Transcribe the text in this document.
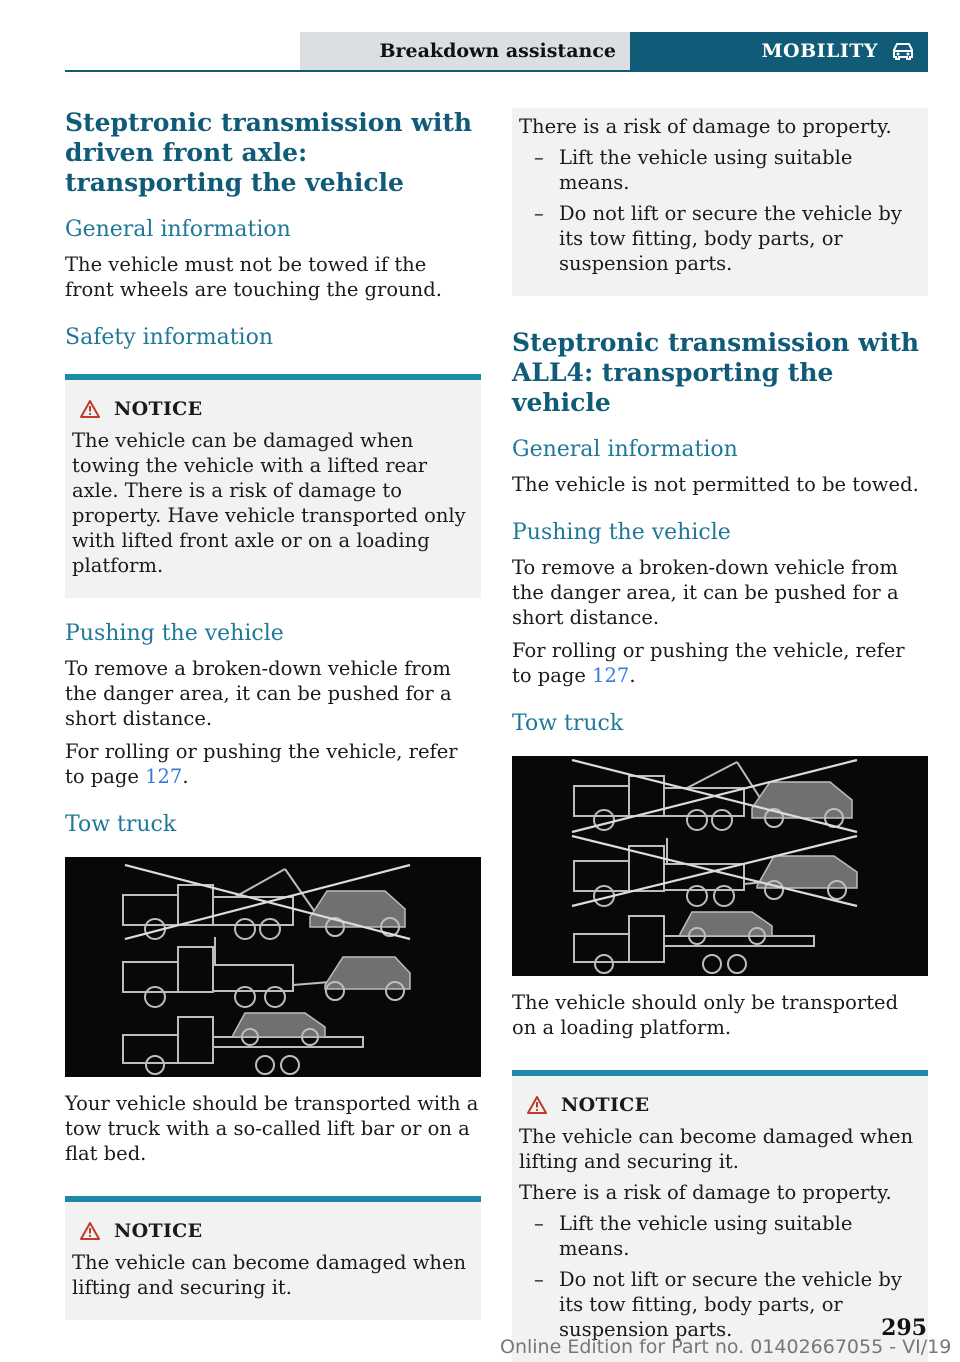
Breakdown assistance	MOBILITY
Steptronic transmission with driven front axle: transporting the vehicle
General information

The vehicle must not be towed if the front wheels are touching the ground.

Safety information
NOTICE

The vehicle can be damaged when towing the vehicle with a lifted rear axle. There is a risk of damage to property. Have vehicle transported only with lifted front axle or on a loading platform.

Pushing the vehicle

To remove a broken-down vehicle from the danger area, it can be pushed for a short distance.

For rolling or pushing the vehicle, refer to page 127.

Tow truck

Your vehicle should be transported with a tow truck with a so-called lift bar or on a flat bed.

NOTICE

The vehicle can become damaged when lifting and securing it.

There is a risk of damage to property.

– Lift the vehicle using suitable means.
– Do not lift or secure the vehicle by its tow fitting, body parts, or suspension parts.
Steptronic transmission with ALL4: transporting the vehicle
General information

The vehicle is not permitted to be towed.

Pushing the vehicle

To remove a broken-down vehicle from the danger area, it can be pushed for a short distance.

For rolling or pushing the vehicle, refer to page 127.

Tow truck

The vehicle should only be transported on a loading platform.

NOTICE

The vehicle can become damaged when lifting and securing it.

There is a risk of damage to property.

– Lift the vehicle using suitable means.
– Do not lift or secure the vehicle by its tow fitting, body parts, or suspension parts.	295
Online Edition for Part no. 01402667055 - VI/19
